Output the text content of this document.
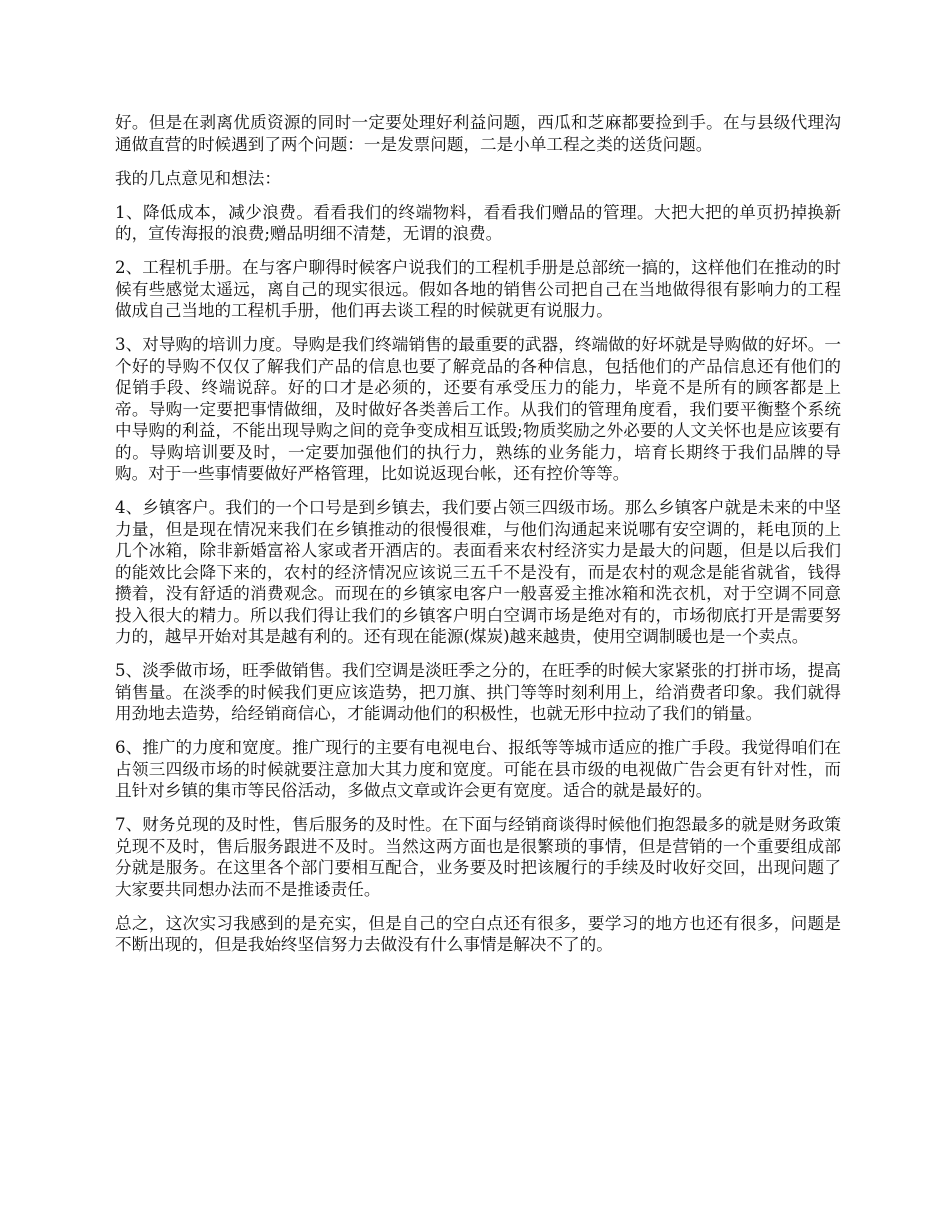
好。但是在剥离优质资源的同时一定要处理好利益问题，西瓜和芝麻都要捡到手。在与县级代理沟通做直营的时候遇到了两个问题：一是发票问题，二是小单工程之类的送货问题。

我的几点意见和想法：

1、降低成本，减少浪费。看看我们的终端物料，看看我们赠品的管理。大把大把的单页扔掉换新的，宣传海报的浪费;赠品明细不清楚，无谓的浪费。

2、工程机手册。在与客户聊得时候客户说我们的工程机手册是总部统一搞的，这样他们在推动的时候有些感觉太遥远，离自己的现实很远。假如各地的销售公司把自己在当地做得很有影响力的工程做成自己当地的工程机手册，他们再去谈工程的时候就更有说服力。

3、对导购的培训力度。导购是我们终端销售的最重要的武器，终端做的好坏就是导购做的好坏。一个好的导购不仅仅了解我们产品的信息也要了解竞品的各种信息，包括他们的产品信息还有他们的促销手段、终端说辞。好的口才是必须的，还要有承受压力的能力，毕竟不是所有的顾客都是上帝。导购一定要把事情做细，及时做好各类善后工作。从我们的管理角度看，我们要平衡整个系统中导购的利益，不能出现导购之间的竞争变成相互诋毁;物质奖励之外必要的人文关怀也是应该要有的。导购培训要及时，一定要加强他们的执行力，熟练的业务能力，培育长期终于我们品牌的导购。对于一些事情要做好严格管理，比如说返现台帐，还有控价等等。

4、乡镇客户。我们的一个口号是到乡镇去，我们要占领三四级市场。那么乡镇客户就是未来的中坚力量，但是现在情况来我们在乡镇推动的很慢很难，与他们沟通起来说哪有安空调的，耗电顶的上几个冰箱，除非新婚富裕人家或者开酒店的。表面看来农村经济实力是最大的问题，但是以后我们的能效比会降下来的，农村的经济情况应该说三五千不是没有，而是农村的观念是能省就省，钱得攒着，没有舒适的消费观念。而现在的乡镇家电客户一般喜爱主推冰箱和洗衣机，对于空调不同意投入很大的精力。所以我们得让我们的乡镇客户明白空调市场是绝对有的，市场彻底打开是需要努力的，越早开始对其是越有利的。还有现在能源(煤炭)越来越贵，使用空调制暖也是一个卖点。

5、淡季做市场，旺季做销售。我们空调是淡旺季之分的，在旺季的时候大家紧张的打拼市场，提高销售量。在淡季的时候我们更应该造势，把刀旗、拱门等等时刻利用上，给消费者印象。我们就得用劲地去造势，给经销商信心，才能调动他们的积极性，也就无形中拉动了我们的销量。

6、推广的力度和宽度。推广现行的主要有电视电台、报纸等等城市适应的推广手段。我觉得咱们在占领三四级市场的时候就要注意加大其力度和宽度。可能在县市级的电视做广告会更有针对性，而且针对乡镇的集市等民俗活动，多做点文章或许会更有宽度。适合的就是最好的。

7、财务兑现的及时性，售后服务的及时性。在下面与经销商谈得时候他们抱怨最多的就是财务政策兑现不及时，售后服务跟进不及时。当然这两方面也是很繁琐的事情，但是营销的一个重要组成部分就是服务。在这里各个部门要相互配合，业务要及时把该履行的手续及时收好交回，出现问题了大家要共同想办法而不是推诿责任。

总之，这次实习我感到的是充实，但是自己的空白点还有很多，要学习的地方也还有很多，问题是不断出现的，但是我始终坚信努力去做没有什么事情是解决不了的。
